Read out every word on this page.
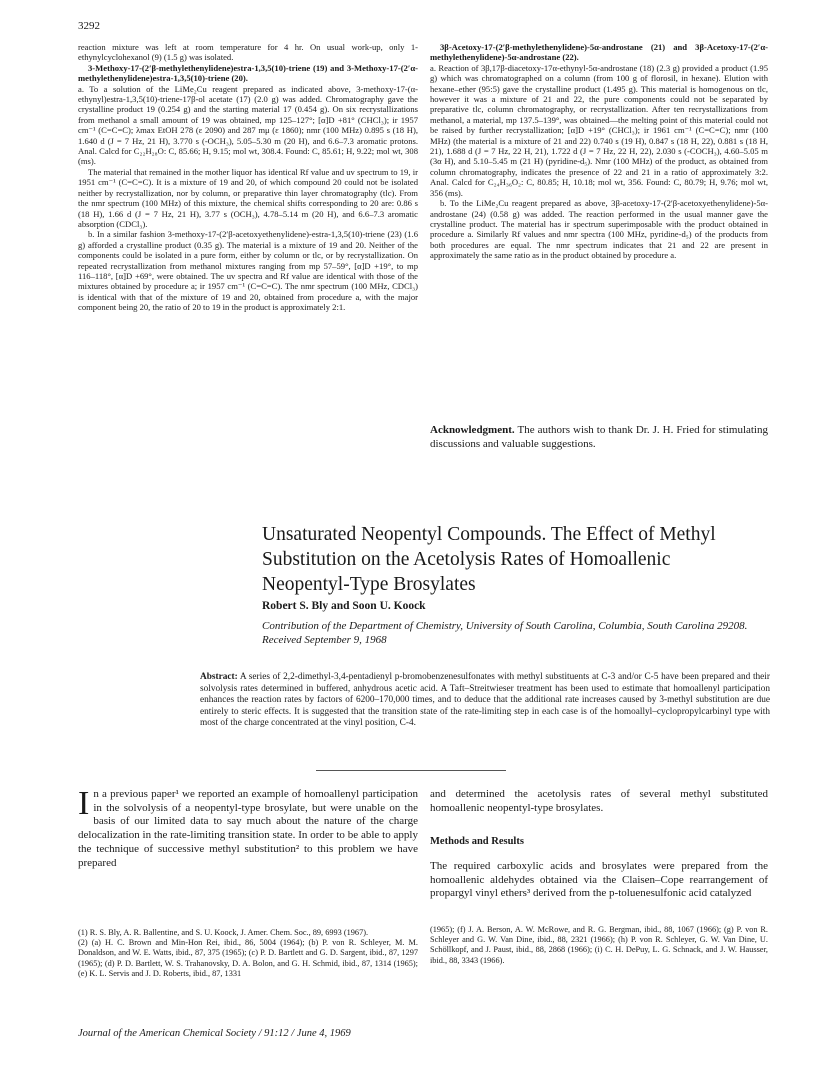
3292

reaction mixture was left at room temperature for 4 hr. On usual work-up, only 1-ethynylcyclohexanol (9) (1.5 g) was isolated.

3-Methoxy-17-(2′β-methylethenylidene)estra-1,3,5(10)-triene (19) and 3-Methoxy-17-(2′α-methylethenylidene)estra-1,3,5(10)-triene (20).

a. To a solution of the LiMe₂Cu reagent prepared as indicated above, 3-methoxy-17-(α-ethynyl)estra-1,3,5(10)-triene-17β-ol acetate (17) (2.0 g) was added. Chromatography gave the crystalline product 19 (0.254 g) and the starting material 17 (0.454 g). On six recrystallizations from methanol a small amount of 19 was obtained, mp 125–127°; [α]D +81° (CHCl₃); ir 1957 cm⁻¹ (C=C=C); λmax EtOH 278 (ε 2090) and 287 mμ (ε 1860); nmr (100 MHz) 0.895 s (18 H), 1.640 d (J = 7 Hz, 21 H), 3.770 s (-OCH₃), 5.05–5.30 m (20 H), and 6.6–7.3 aromatic protons. Anal. Calcd for C₂₂H₂₈O: C, 85.66; H, 9.15; mol wt, 308.4. Found: C, 85.61; H, 9.22; mol wt, 308 (ms).

The material that remained in the mother liquor has identical Rf value and uv spectrum to 19, ir 1951 cm⁻¹ (C=C=C). It is a mixture of 19 and 20, of which compound 20 could not be isolated neither by recrystallization, nor by column, or preparative thin layer chromatography (tlc). From the nmr spectrum (100 MHz) of this mixture, the chemical shifts corresponding to 20 are: 0.86 s (18 H), 1.66 d (J = 7 Hz, 21 H), 3.77 s (OCH₃), 4.78–5.14 m (20 H), and 6.6–7.3 aromatic absorption (CDCl₃).

b. In a similar fashion 3-methoxy-17-(2′β-acetoxyethenylidene)-estra-1,3,5(10)-triene (23) (1.6 g) afforded a crystalline product (0.35 g). The material is a mixture of 19 and 20. Neither of the components could be isolated in a pure form, either by column or tlc, or by recrystallization. On repeated recrystallization from methanol mixtures ranging from mp 57–59°, [α]D +19°, to mp 116–118°, [α]D +69°, were obtained. The uv spectra and Rf value are identical with those of the mixtures obtained by procedure a; ir 1957 cm⁻¹ (C=C=C). The nmr spectrum (100 MHz, CDCl₃) is identical with that of the mixture of 19 and 20, obtained from procedure a, with the major component being 20, the ratio of 20 to 19 in the product is approximately 2:1.

3β-Acetoxy-17-(2′β-methylethenylidene)-5α-androstane (21) and 3β-Acetoxy-17-(2′α-methylethenylidene)-5α-androstane (22).

a. Reaction of 3β,17β-diacetoxy-17α-ethynyl-5α-androstane (18) (2.3 g) provided a product (1.95 g) which was chromatographed on a column (from 100 g of florosil, in hexane). Elution with hexane–ether (95:5) gave the crystalline product (1.495 g). This material is homogenous on tlc, however it was a mixture of 21 and 22, the pure components could not be separated by preparative tlc, column chromatography, or recrystallization. After ten recrystallizations from methanol, a material, mp 137.5–139°, was obtained—the melting point of this material could not be raised by further recrystallization; [α]D +19° (CHCl₃); ir 1961 cm⁻¹ (C=C=C); nmr (100 MHz) (the material is a mixture of 21 and 22) 0.740 s (19 H), 0.847 s (18 H, 22), 0.881 s (18 H, 21), 1.688 d (J = 7 Hz, 22 H, 21), 1.722 d (J = 7 Hz, 22 H, 22), 2.030 s (-COCH₃), 4.60–5.05 m (3α H), and 5.10–5.45 m (21 H) (pyridine-d₅). Nmr (100 MHz) of the product, as obtained from column chromatography, indicates the presence of 22 and 21 in a ratio of approximately 3:2. Anal. Calcd for C₂₄H₃₆O₂: C, 80.85; H, 10.18; mol wt, 356. Found: C, 80.79; H, 9.76; mol wt, 356 (ms).

b. To the LiMe₂Cu reagent prepared as above, 3β-acetoxy-17-(2′β-acetoxyethenylidene)-5α-androstane (24) (0.58 g) was added. The reaction performed in the usual manner gave the crystalline product. The material has ir spectrum superimposable with the product obtained in procedure a. Similarly Rf values and nmr spectra (100 MHz, pyridine-d₅) of the products from both procedures are equal. The nmr spectrum indicates that 21 and 22 are present in approximately the same ratio as in the product obtained by procedure a.

Acknowledgment. The authors wish to thank Dr. J. H. Fried for stimulating discussions and valuable suggestions.
Unsaturated Neopentyl Compounds. The Effect of Methyl Substitution on the Acetolysis Rates of Homoallenic Neopentyl-Type Brosylates
Robert S. Bly and Soon U. Koock
Contribution of the Department of Chemistry, University of South Carolina, Columbia, South Carolina 29208. Received September 9, 1968
Abstract: A series of 2,2-dimethyl-3,4-pentadienyl p-bromobenzenesulfonates with methyl substituents at C-3 and/or C-5 have been prepared and their solvolysis rates determined in buffered, anhydrous acetic acid. A Taft–Streitwieser treatment has been used to estimate that homoallenyl participation enhances the reaction rates by factors of 6200–170,000 times, and to deduce that the additional rate increases caused by 3-methyl substitution are due entirely to steric effects. It is suggested that the transition state of the rate-limiting step in each case is of the homoallyl–cyclopropylcarbinyl type with most of the charge concentrated at the vinyl position, C-4.
I n a previous paper¹ we reported an example of homoallenyl participation in the solvolysis of a neopentyl-type brosylate, but were unable on the basis of our limited data to say much about the nature of the charge delocalization in the rate-limiting transition state. In order to be able to apply the technique of successive methyl substitution² to this problem we have prepared
and determined the acetolysis rates of several methyl substituted homoallenic neopentyl-type brosylates.
Methods and Results
The required carboxylic acids and brosylates were prepared from the homoallenic aldehydes obtained via the Claisen–Cope rearrangement of propargyl vinyl ethers³ derived from the p-toluenesulfonic acid catalyzed

(1) R. S. Bly, A. R. Ballentine, and S. U. Koock, J. Amer. Chem. Soc., 89, 6993 (1967).

(2) (a) H. C. Brown and Min-Hon Rei, ibid., 86, 5004 (1964); (b) P. von R. Schleyer, M. M. Donaldson, and W. E. Watts, ibid., 87, 375 (1965); (c) P. D. Bartlett and G. D. Sargent, ibid., 87, 1297 (1965); (d) P. D. Bartlett, W. S. Trahanovsky, D. A. Bolon, and G. H. Schmid, ibid., 87, 1314 (1965); (e) K. L. Servis and J. D. Roberts, ibid., 87, 1331

(1965); (f) J. A. Berson, A. W. McRowe, and R. G. Bergman, ibid., 88, 1067 (1966); (g) P. von R. Schleyer and G. W. Van Dine, ibid., 88, 2321 (1966); (h) P. von R. Schleyer, G. W. Van Dine, U. Schöllkopf, and J. Paust, ibid., 88, 2868 (1966); (i) C. H. DePuy, L. G. Schnack, and J. W. Hausser, ibid., 88, 3343 (1966).

Journal of the American Chemical Society / 91:12 / June 4, 1969
